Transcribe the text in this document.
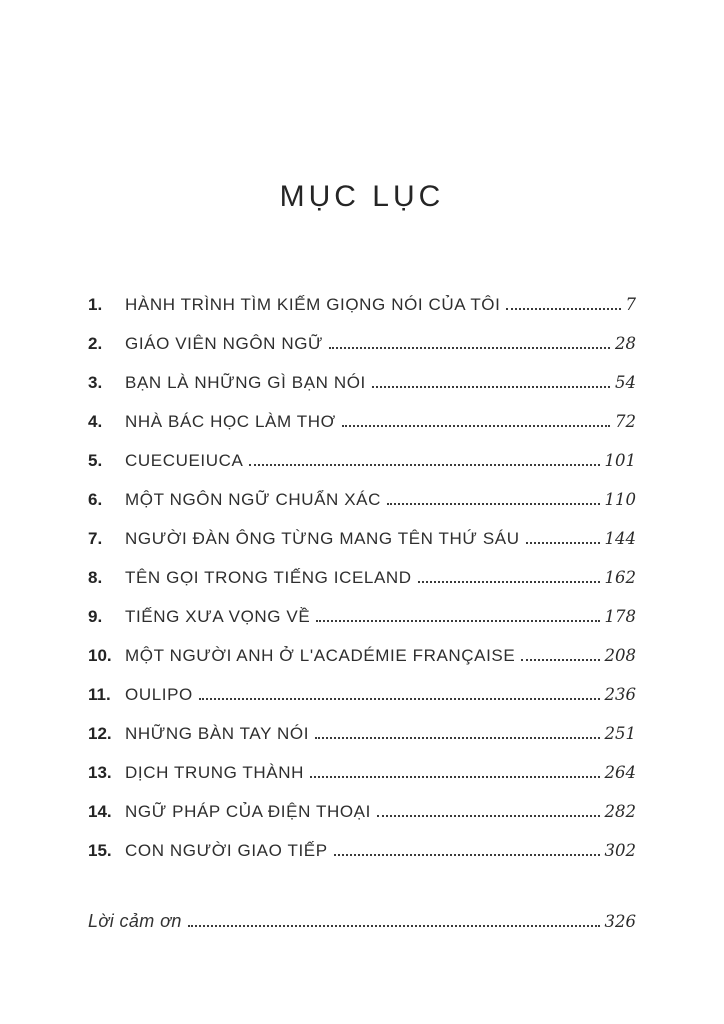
MỤC LỤC
1.	HÀNH TRÌNH TÌM KIẾM GIỌNG NÓI CỦA TÔI	7
2.	GIÁO VIÊN NGÔN NGỮ	28
3.	BẠN LÀ NHỮNG GÌ BẠN NÓI	54
4.	NHÀ BÁC HỌC LÀM THƠ	72
5.	CUECUEIUCA	101
6.	MỘT NGÔN NGỮ CHUẨN XÁC	110
7.	NGƯỜI ĐÀN ÔNG TỪNG MANG TÊN THỨ SÁU	144
8.	TÊN GỌI TRONG TIẾNG ICELAND	162
9.	TIẾNG XƯA VỌNG VỀ	178
10. MỘT NGƯỜI ANH Ở L'ACADÉMIE FRANÇAISE	208
11. OULIPO	236
12. NHỮNG BÀN TAY NÓI	251
13. DỊCH TRUNG THÀNH	264
14. NGỮ PHÁP CỦA ĐIỆN THOẠI	282
15. CON NGƯỜI GIAO TIẾP	302
Lời cảm ơn	326
